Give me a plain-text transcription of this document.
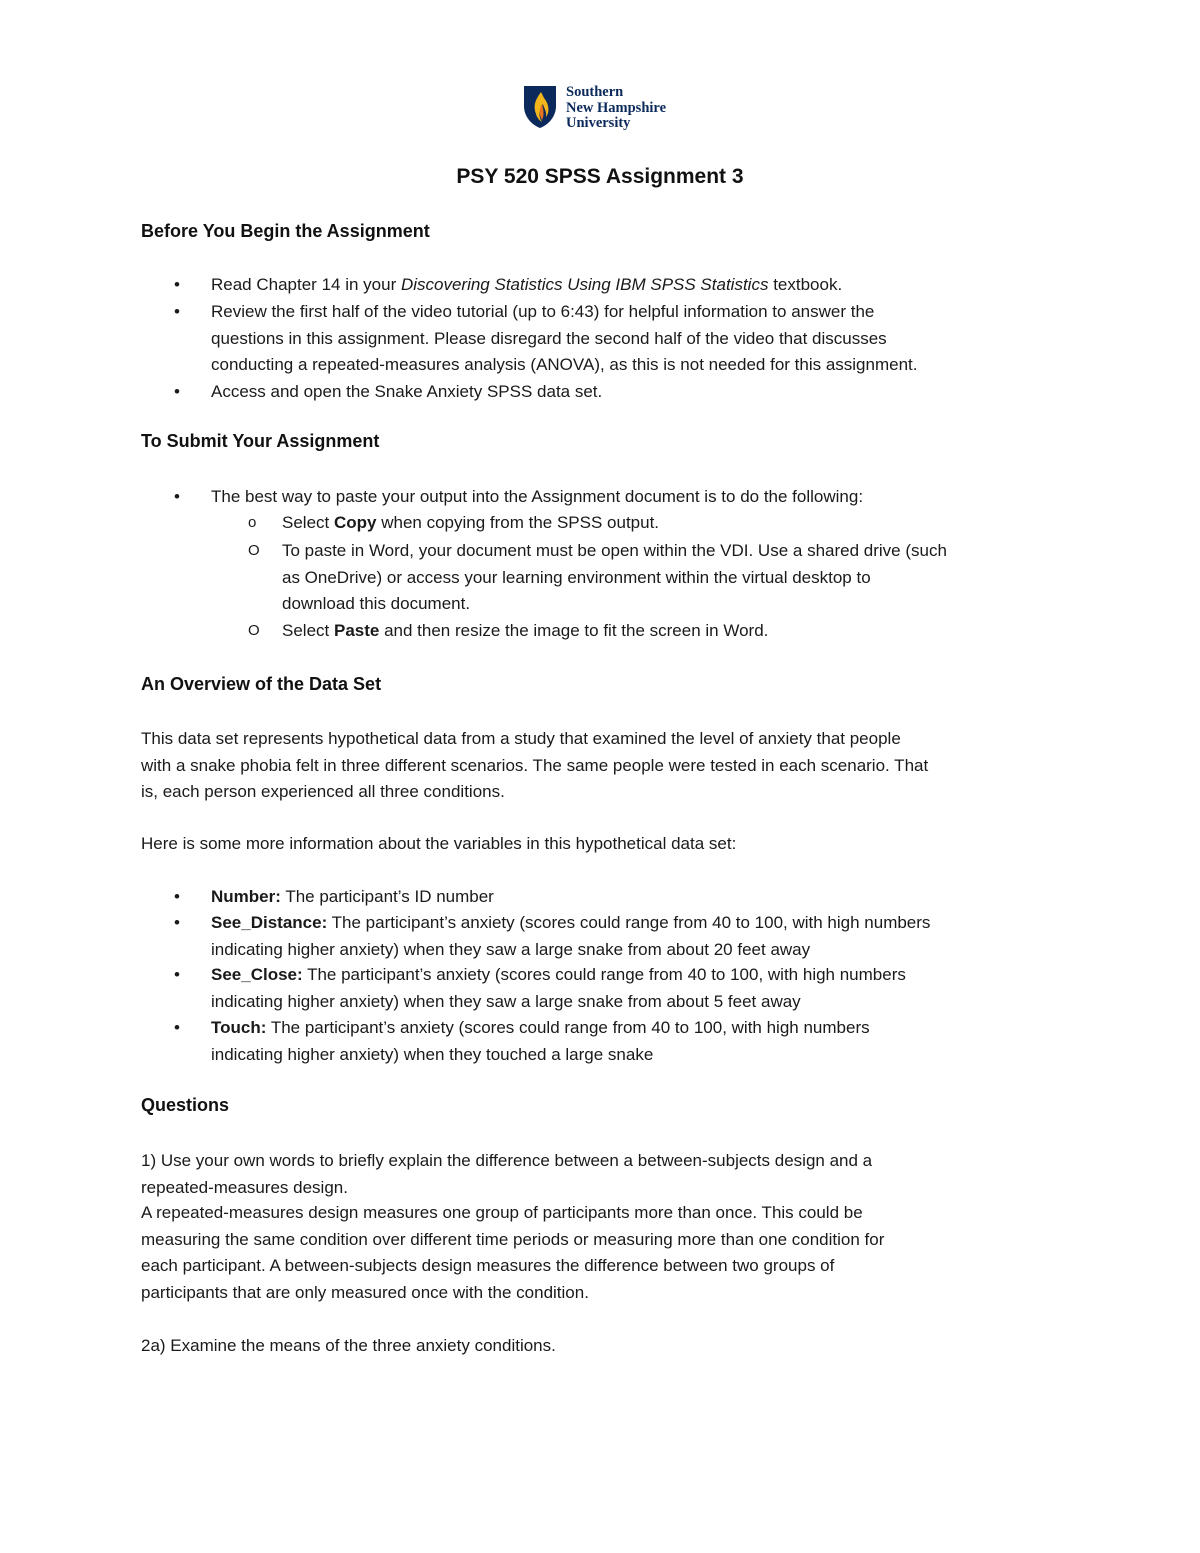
Southern
New Hampshire
University
PSY 520 SPSS Assignment 3
Before You Begin the Assignment
• Read Chapter 14 in your Discovering Statistics Using IBM SPSS Statistics textbook.
• Review the first half of the video tutorial (up to 6:43) for helpful information to answer the
questions in this assignment. Please disregard the second half of the video that discusses
conducting a repeated-measures analysis (ANOVA), as this is not needed for this assignment.
• Access and open the Snake Anxiety SPSS data set.
To Submit Your Assignment
• The best way to paste your output into the Assignment document is to do the following:
o Select Copy when copying from the SPSS output.
O To paste in Word, your document must be open within the VDI. Use a shared drive (such
as OneDrive) or access your learning environment within the virtual desktop to
download this document.
O Select Paste and then resize the image to fit the screen in Word.
An Overview of the Data Set
This data set represents hypothetical data from a study that examined the level of anxiety that people
with a snake phobia felt in three different scenarios. The same people were tested in each scenario. That
is, each person experienced all three conditions.
Here is some more information about the variables in this hypothetical data set:
• Number: The participant’s ID number
• See_Distance: The participant’s anxiety (scores could range from 40 to 100, with high numbers
indicating higher anxiety) when they saw a large snake from about 20 feet away
• See_Close: The participant’s anxiety (scores could range from 40 to 100, with high numbers
indicating higher anxiety) when they saw a large snake from about 5 feet away
• Touch: The participant’s anxiety (scores could range from 40 to 100, with high numbers
indicating higher anxiety) when they touched a large snake
Questions
1) Use your own words to briefly explain the difference between a between-subjects design and a
repeated-measures design.
A repeated-measures design measures one group of participants more than once. This could be
measuring the same condition over different time periods or measuring more than one condition for
each participant. A between-subjects design measures the difference between two groups of
participants that are only measured once with the condition.
2a) Examine the means of the three anxiety conditions.
